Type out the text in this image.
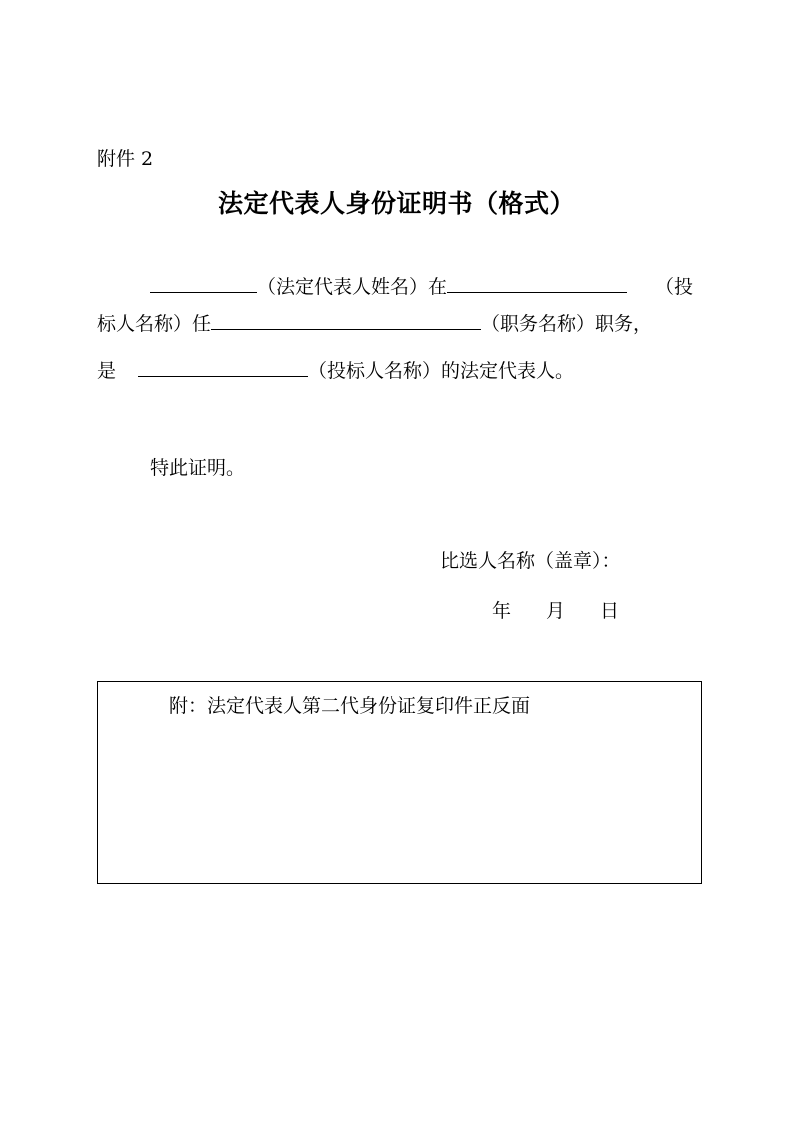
附件 2
法定代表人身份证明书（格式）
（法定代表人姓名）在	（投
标人名称）任	（职务名称）职务，
是	（投标人名称）的法定代表人。
特此证明。
比选人名称（盖章）：
年 月 日
附：法定代表人第二代身份证复印件正反面
